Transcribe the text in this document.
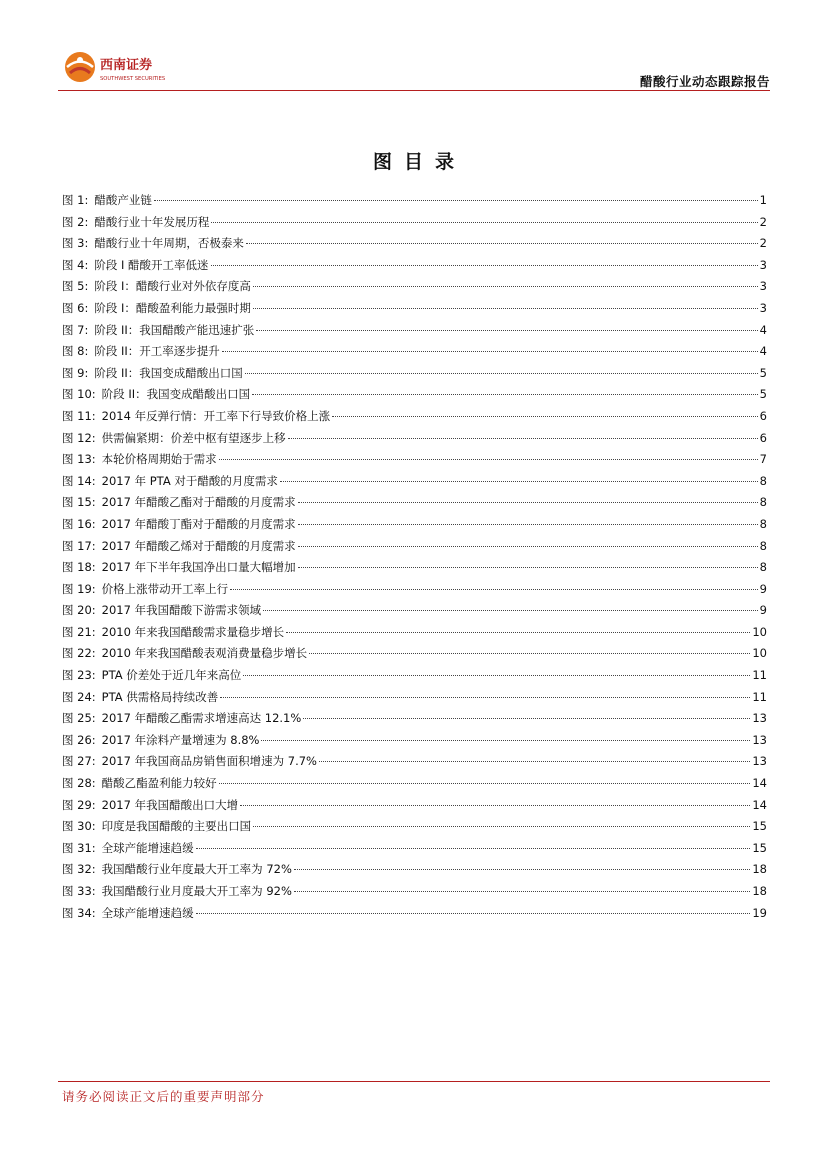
西南证券
SOUTHWEST SECURITIES	醋酸行业动态跟踪报告
图目录
图 1: 醋酸产业链	1
图 2: 醋酸行业十年发展历程	2
图 3: 醋酸行业十年周期，否极泰来	2
图 4: 阶段 I 醋酸开工率低迷	3
图 5: 阶段 I：醋酸行业对外依存度高	3
图 6: 阶段 I：醋酸盈利能力最强时期	3
图 7: 阶段 II：我国醋酸产能迅速扩张	4
图 8: 阶段 II：开工率逐步提升	4
图 9: 阶段 II：我国变成醋酸出口国	5
图 10: 阶段 II：我国变成醋酸出口国	5
图 11: 2014 年反弹行情：开工率下行导致价格上涨	6
图 12: 供需偏紧期：价差中枢有望逐步上移	6
图 13: 本轮价格周期始于需求	7
图 14: 2017 年 PTA 对于醋酸的月度需求	8
图 15: 2017 年醋酸乙酯对于醋酸的月度需求	8
图 16: 2017 年醋酸丁酯对于醋酸的月度需求	8
图 17: 2017 年醋酸乙烯对于醋酸的月度需求	8
图 18: 2017 年下半年我国净出口量大幅增加	8
图 19: 价格上涨带动开工率上行	9
图 20: 2017 年我国醋酸下游需求领域	9
图 21: 2010 年来我国醋酸需求量稳步增长	10
图 22: 2010 年来我国醋酸表观消费量稳步增长	10
图 23: PTA 价差处于近几年来高位	11
图 24: PTA 供需格局持续改善	11
图 25: 2017 年醋酸乙酯需求增速高达 12.1%	13
图 26: 2017 年涂料产量增速为 8.8%	13
图 27: 2017 年我国商品房销售面积增速为 7.7%	13
图 28: 醋酸乙酯盈利能力较好	14
图 29: 2017 年我国醋酸出口大增	14
图 30: 印度是我国醋酸的主要出口国	15
图 31: 全球产能增速趋缓	15
图 32: 我国醋酸行业年度最大开工率为 72%	18
图 33: 我国醋酸行业月度最大开工率为 92%	18
图 34: 全球产能增速趋缓	19
请务必阅读正文后的重要声明部分
